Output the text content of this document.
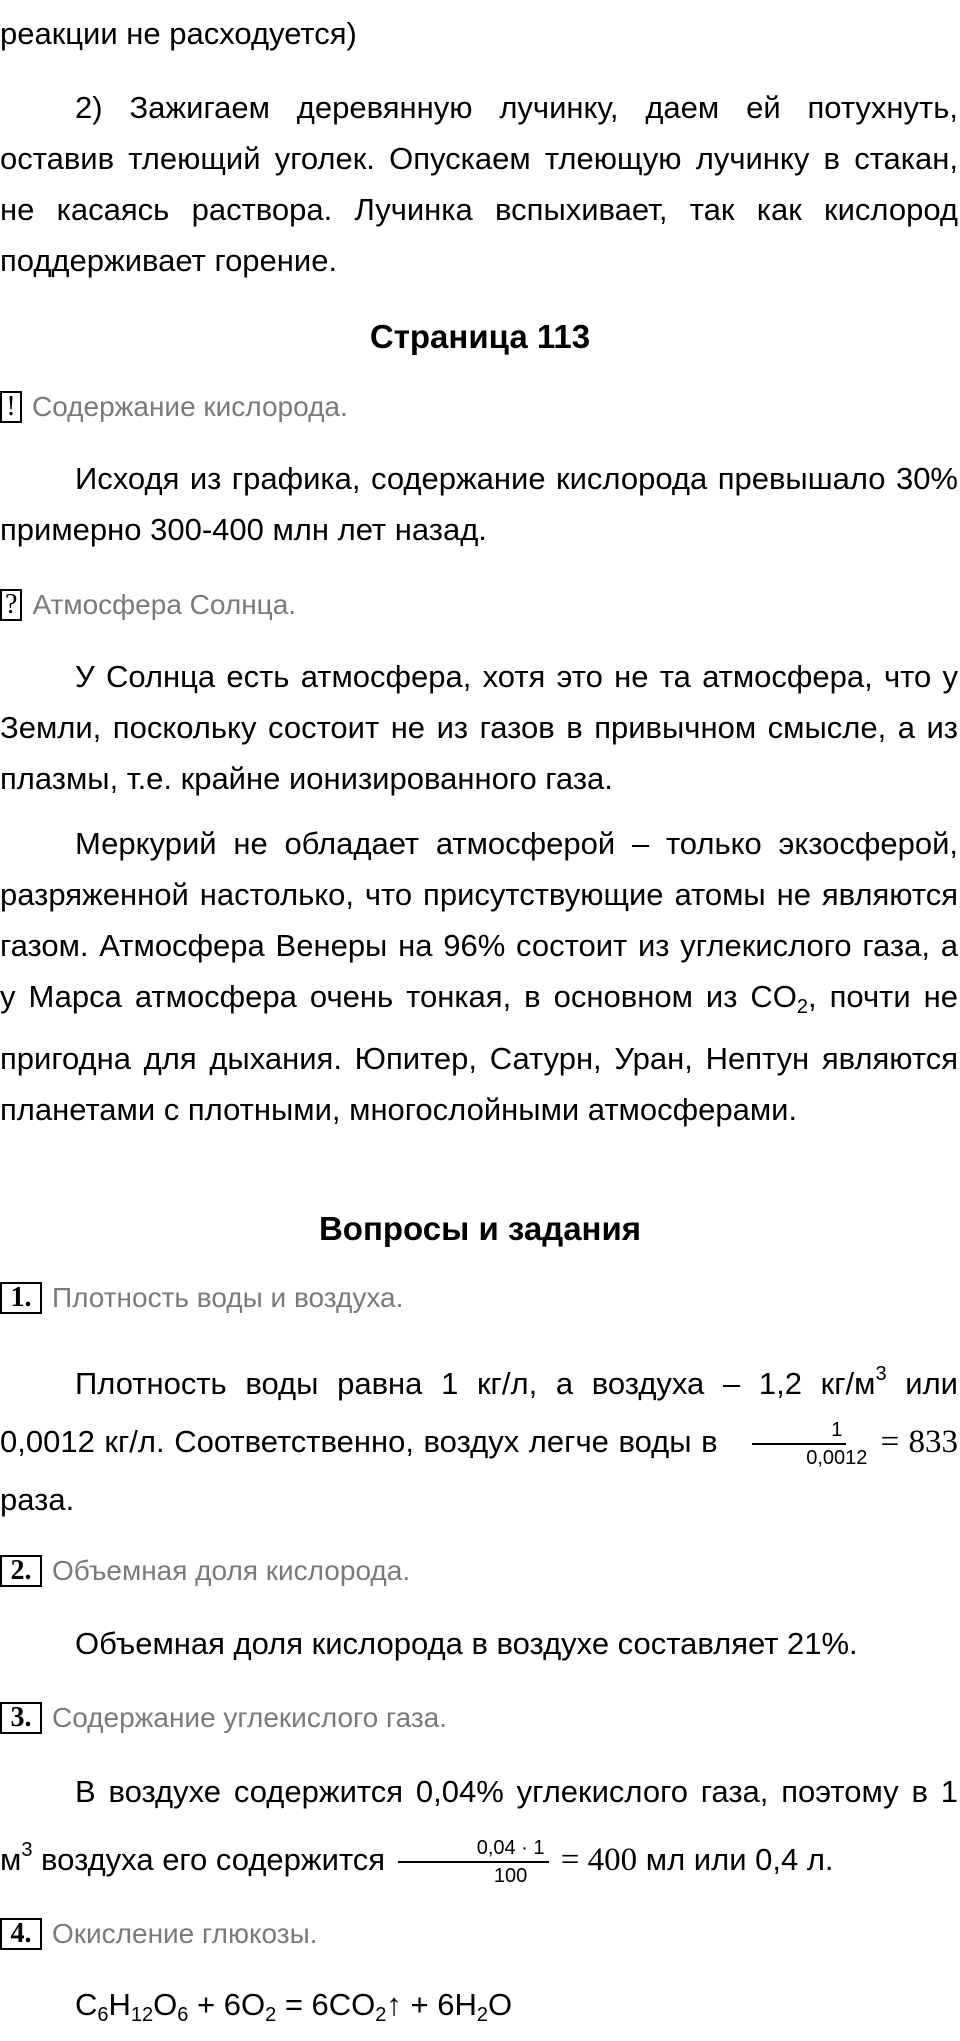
реакции не расходуется)

2) Зажигаем деревянную лучинку, даем ей потухнуть, оставив тлеющий уголек. Опускаем тлеющую лучинку в стакан, не касаясь раствора. Лучинка вспыхивает, так как кислород поддерживает горение.

Страница 113
! Содержание кислорода.

Исходя из графика, содержание кислорода превышало 30% примерно 300-400 млн лет назад.

? Атмосфера Солнца.

У Солнца есть атмосфера, хотя это не та атмосфера, что у Земли, поскольку состоит не из газов в привычном смысле, а из плазмы, т.е. крайне ионизированного газа.

Меркурий не обладает атмосферой – только экзосферой, разряженной настолько, что присутствующие атомы не являются газом. Атмосфера Венеры на 96% состоит из углекислого газа, а у Марса атмосфера очень тонкая, в основном из $CO_2$, почти не пригодна для дыхания. Юпитер, Сатурн, Уран, Нептун являются планетами с плотными, многослойными атмосферами.

Вопросы и задания
1. Плотность воды и воздуха.

Плотность воды равна 1 кг/л, а воздуха – 1,2 $кг/м^3$ или 0,0012 кг/л. Соответственно, воздух легче воды в $\frac{1}{0,0012} = 833$ раза.

2. Объемная доля кислорода.

Объемная доля кислорода в воздухе составляет 21%.

3. Содержание углекислого газа.

В воздухе содержится 0,04% углекислого газа, поэтому в 1 $м^3$ воздуха его содержится $\frac{0,04 \cdot 1}{100} = 400$ мл или 0,4 л.

4. Окисление глюкозы.

$C_6H_{12}O_6 + 6O_2$ = $6CO_2↑ + 6H_2O$
